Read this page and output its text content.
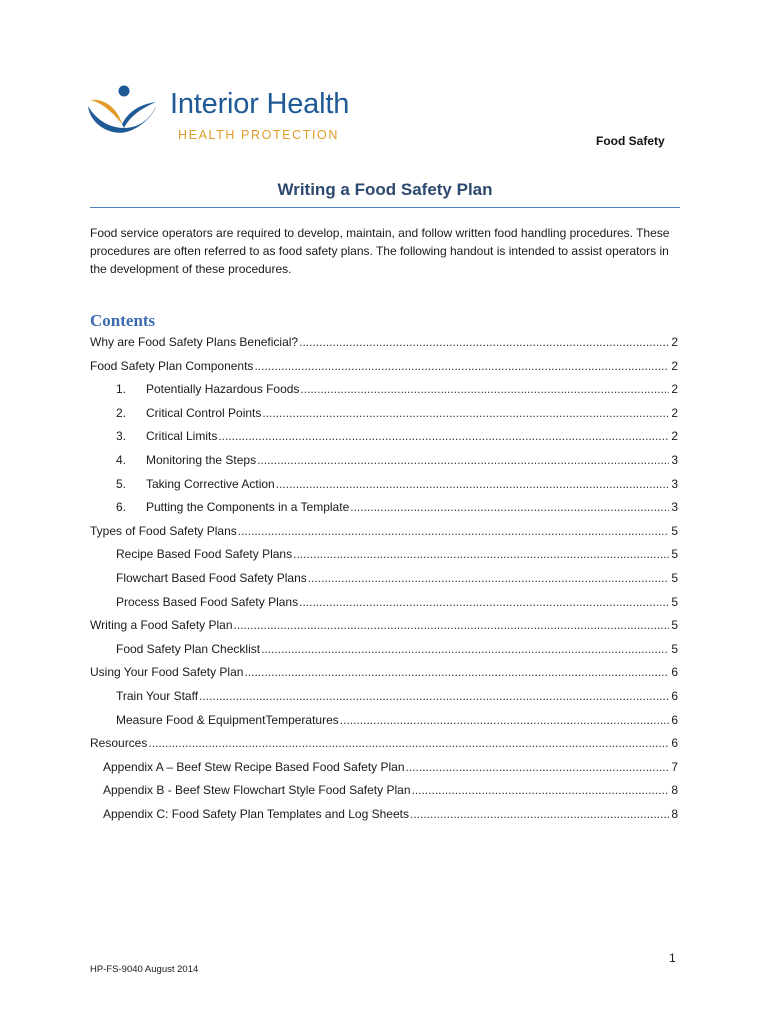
Interior Health
HEALTH PROTECTION	Food Safety
Writing a Food Safety Plan
Food service operators are required to develop, maintain, and follow written food handling procedures. These procedures are often referred to as food safety plans. The following handout is intended to assist operators in the development of these procedures.
Contents
Why are Food Safety Plans Beneficial? .....	2
Food Safety Plan Components .....	2
1.	Potentially Hazardous Foods .....	2
2.	Critical Control Points .....	2
3.	Critical Limits .....	2
4.	Monitoring the Steps .....	3
5.	Taking Corrective Action .....	3
6.	Putting the Components in a Template .....	3
Types of Food Safety Plans .....	5
Recipe Based Food Safety Plans .....	5
Flowchart Based Food Safety Plans .....	5
Process Based Food Safety Plans .....	5
Writing a Food Safety Plan .....	5
Food Safety Plan Checklist .....	5
Using Your Food Safety Plan .....	6
Train Your Staff .....	6
Measure Food & EquipmentTemperatures .....	6
Resources .....	6
Appendix A – Beef Stew Recipe Based Food Safety Plan .....	7
Appendix B - Beef Stew Flowchart Style Food Safety Plan .....	8
Appendix C: Food Safety Plan Templates and Log Sheets .....	8
1
HP-FS-9040 August 2014
